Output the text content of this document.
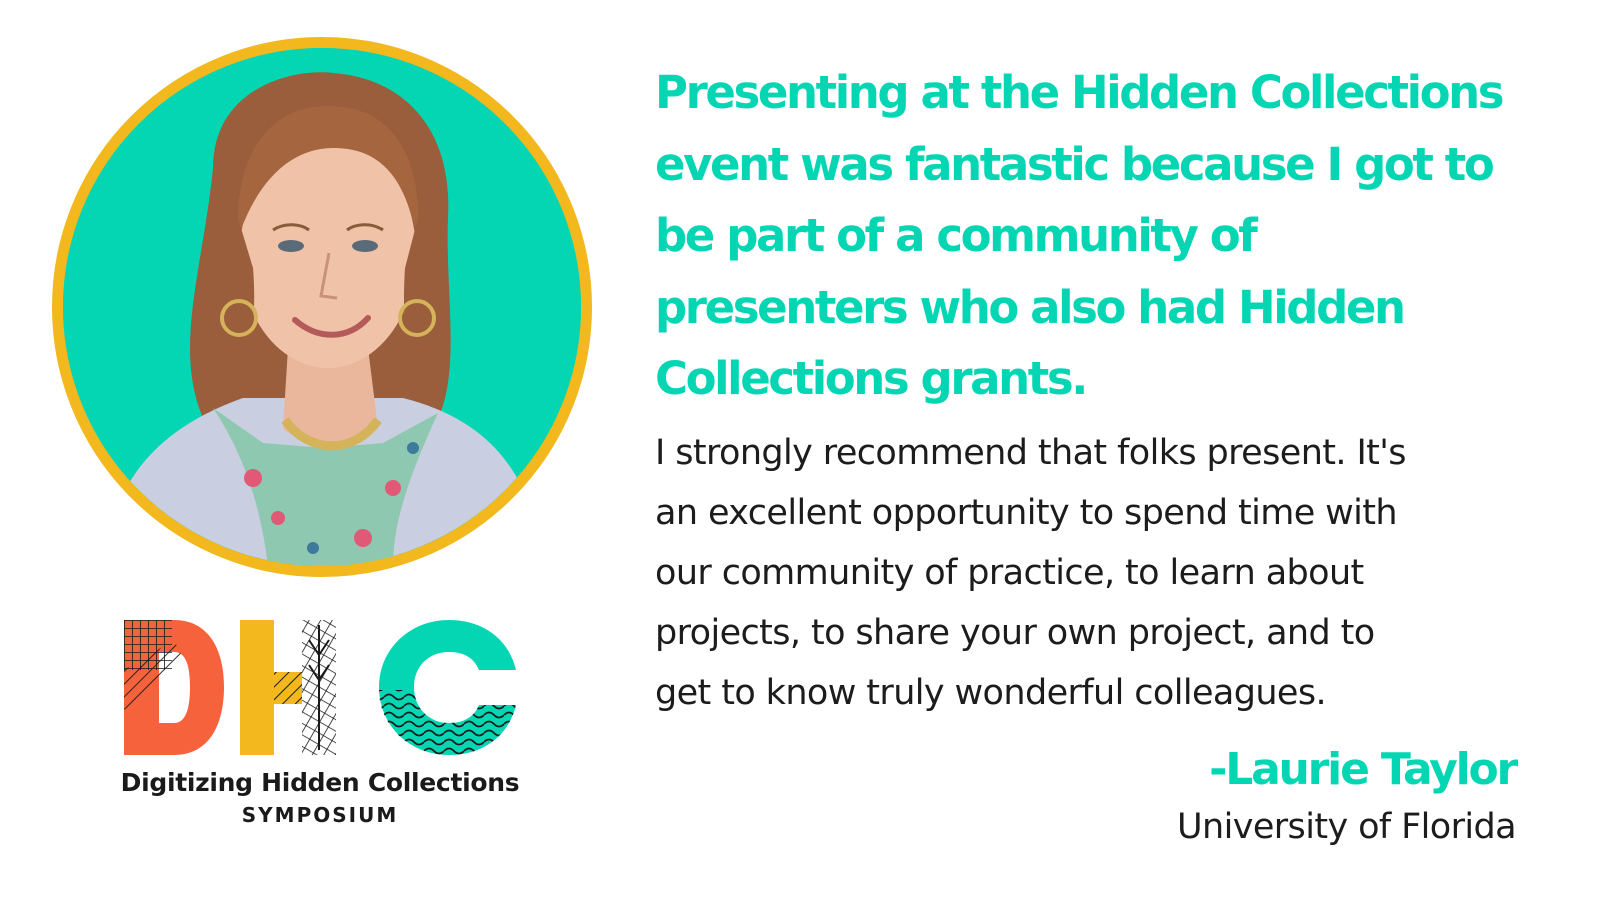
Digitizing Hidden Collections
SYMPOSIUM
Presenting at the Hidden Collections
event was fantastic because I got to
be part of a community of
presenters who also had Hidden
Collections grants.

I strongly recommend that folks present. It's
an excellent opportunity to spend time with
our community of practice, to learn about
projects, to share your own project, and to
get to know truly wonderful colleagues.

-Laurie Taylor

University of Florida
